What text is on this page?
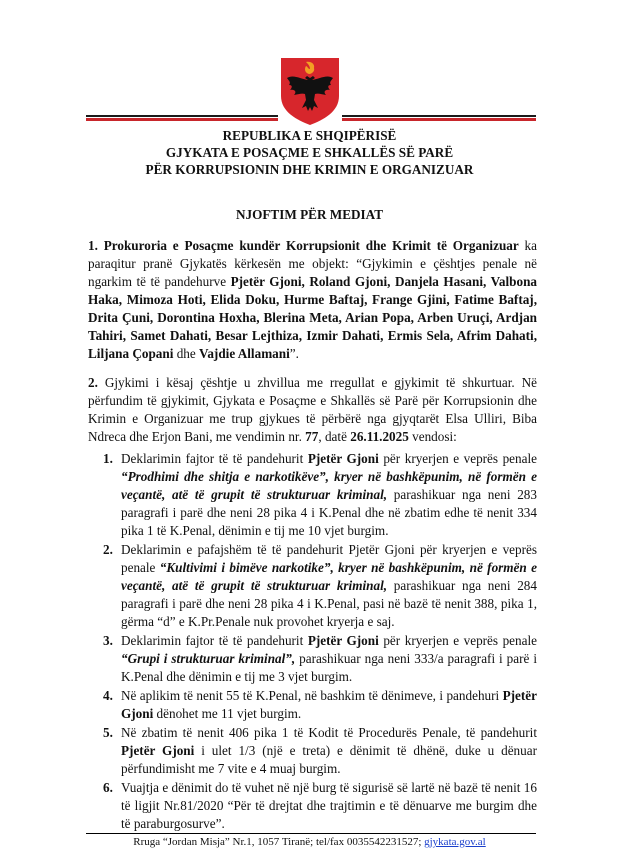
REPUBLIKA E SHQIPËRISË
GJYKATA E POSAÇME E SHKALLËS SË PARË
PËR KORRUPSIONIN DHE KRIMIN E ORGANIZUAR
NJOFTIM PËR MEDIAT
1. Prokuroria e Posaçme kundër Korrupsionit dhe Krimit të Organizuar ka paraqitur pranë Gjykatës kërkesën me objekt: “Gjykimin e çështjes penale në ngarkim të të pandehurve Pjetër Gjoni, Roland Gjoni, Danjela Hasani, Valbona Haka, Mimoza Hoti, Elida Doku, Hurme Baftaj, Frange Gjini, Fatime Baftaj, Drita Çuni, Dorontina Hoxha, Blerina Meta, Arian Popa, Arben Uruçi, Ardjan Tahiri, Samet Dahati, Besar Lejthiza, Izmir Dahati, Ermis Sela, Afrim Dahati, Liljana Çopani dhe Vajdie Allamani”.
2. Gjykimi i kësaj çështje u zhvillua me rregullat e gjykimit të shkurtuar. Në përfundim të gjykimit, Gjykata e Posaçme e Shkallës së Parë për Korrupsionin dhe Krimin e Organizuar me trup gjykues të përbërë nga gjyqtarët Elsa Ulliri, Biba Ndreca dhe Erjon Bani, me vendimin nr. 77, datë 26.11.2025 vendosi:
1. Deklarimin fajtor të të pandehurit Pjetër Gjoni për kryerjen e veprës penale “Prodhimi dhe shitja e narkotikëve”, kryer në bashkëpunim, në formën e veçantë, atë të grupit të strukturuar kriminal, parashikuar nga neni 283 paragrafi i parë dhe neni 28 pika 4 i K.Penal dhe në zbatim edhe të nenit 334 pika 1 të K.Penal, dënimin e tij me 10 vjet burgim.
2. Deklarimin e pafajshëm të të pandehurit Pjetër Gjoni për kryerjen e veprës penale “Kultivimi i bimëve narkotike”, kryer në bashkëpunim, në formën e veçantë, atë të grupit të strukturuar kriminal, parashikuar nga neni 284 paragrafi i parë dhe neni 28 pika 4 i K.Penal, pasi në bazë të nenit 388, pika 1, gërma “d” e K.Pr.Penale nuk provohet kryerja e saj.
3. Deklarimin fajtor të të pandehurit Pjetër Gjoni për kryerjen e veprës penale “Grupi i strukturuar kriminal”, parashikuar nga neni 333/a paragrafi i parë i K.Penal dhe dënimin e tij me 3 vjet burgim.
4. Në aplikim të nenit 55 të K.Penal, në bashkim të dënimeve, i pandehuri Pjetër Gjoni dënohet me 11 vjet burgim.
5. Në zbatim të nenit 406 pika 1 të Kodit të Procedurës Penale, të pandehurit Pjetër Gjoni i ulet 1/3 (një e treta) e dënimit të dhënë, duke u dënuar përfundimisht me 7 vite e 4 muaj burgim.
6. Vuajtja e dënimit do të vuhet në një burg të sigurisë së lartë në bazë të nenit 16 të ligjit Nr.81/2020 “Për të drejtat dhe trajtimin e të dënuarve me burgim dhe të paraburgosurve”.
Rruga “Jordan Misja” Nr.1, 1057 Tiranë; tel/fax 0035542231527; gjykata.gov.al
